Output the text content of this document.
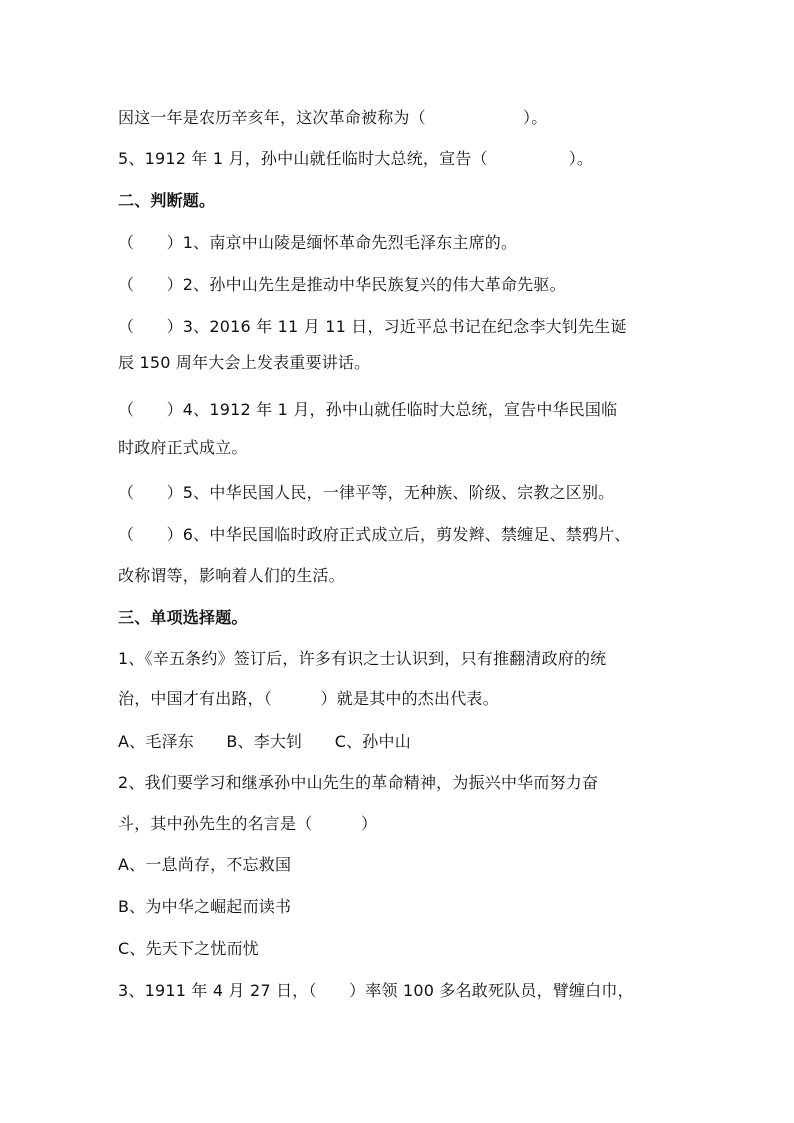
因这一年是农历辛亥年，这次革命被称为（　　　　　　）。
5、1912 年 1 月，孙中山就任临时大总统，宣告（　　　　　）。
二、判断题。
（　　）1、南京中山陵是缅怀革命先烈毛泽东主席的。
（　　）2、孙中山先生是推动中华民族复兴的伟大革命先驱。
（　　）3、2016 年 11 月 11 日，习近平总书记在纪念李大钊先生诞
辰 150 周年大会上发表重要讲话。
（　　）4、1912 年 1 月，孙中山就任临时大总统，宣告中华民国临
时政府正式成立。
（　　）5、中华民国人民，一律平等，无种族、阶级、宗教之区别。
（　　）6、中华民国临时政府正式成立后，剪发辫、禁缠足、禁鸦片、
改称谓等，影响着人们的生活。
三、单项选择题。
1、《辛五条约》签订后，许多有识之士认识到，只有推翻清政府的统
治，中国才有出路，（　　　）就是其中的杰出代表。
A、毛泽东　　B、李大钊　　C、孙中山
2、我们要学习和继承孙中山先生的革命精神，为振兴中华而努力奋
斗，其中孙先生的名言是（　　　）
A、一息尚存，不忘救国
B、为中华之崛起而读书
C、先天下之忧而忧
3、1911 年 4 月 27 日，（　　）率领 100 多名敢死队员，臂缠白巾，
